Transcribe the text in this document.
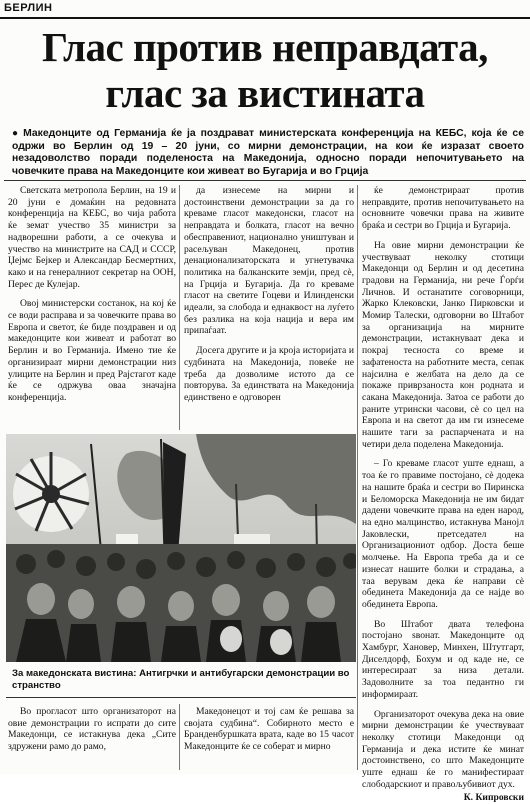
БЕРЛИН
Глас против неправдата,
глас за вистината
● Македонците од Германија ќе ја поздрават министерската конференција на КЕБС, која ќе се одржи во Берлин од 19 – 20 јуни, со мирни демонстрации, на кои ќе изразат своето незадоволство поради поделеноста на Македонија, односно поради непочитувањето на човечките права на Македонците кои живеат во Бугарија и во Грција

Светската метропола Берлин, на 19 и 20 јуни е домаќин на редовната конференција на КЕБС, во чија работа ќе земат учество 35 министри за надворешни работи, а се очекува и учество на министрите на САД и СССР, Џејмс Бејкер и Александар Бесмертних, како и на генералниот секретар на ООН, Перес де Кулеjар.

Овој министерски состанок, на кој ќе се води расправа и за човечките права во Европа и светот, ќе биде поздравен и од македонците кои живеат и работат во Берлин и во Германија. Имено тие ќе организираат мирни демонстрации низ улиците на Берлин и пред Рајстагот каде ќе се одржува оваа значајна конференција.

да изнесеме на мирни и достоинствени демонстрации за да го креваме гласот македонски, гласот на неправдата и болката, гласот на вечно обесправениот, национално уништуван и расељуван Македонец, против денационализаторската и угнетувачка политика на балканските земји, пред сè, на Грција и Бугарија. Да го креваме гласот на светите Гоцеви и Илинденски идеали, за слобода и еднаквост на луѓето без разлика на која нација и вера им припаѓаат.

Досега другите и ја кроја историјата и судбината на Македонија, повеќе не треба да дозволиме истото да се повторува. За единствата на Македонија единствено е одговорен

ќе демонстрираат против неправдите, против непочитувањето на основните човечки права на живите браќа и сестри во Грција и Бугарија.

На овие мирни демонстрации ќе учествуваат неколку стотици Македонци од Берлин и од десетина градови на Германија, ни рече Ѓорѓи Личнов. И останатите соговорници, Жарко Клековски, Јанко Пирковски и Момир Талески, одговорни во Штабот за организација на мирните демонстрации, истакнуваат дека и покрај тесноста со време и зафатеноста на работните места, сепак најсилна е желбата на дело да се покаже приврзаноста кон родната и сакана Македонија. Затоа се работи до раните утрински часови, сè со цел на Европа и на светот да им ги изнесеме нашите таги за распарчената и на четири дела поделена Македонија.

– Го креваме гласот уште еднаш, а тоа ќе го правиме постојано, сè додека на нашите браќа и сестри во Пиринска и Беломорска Македонија не им бидат дадени човечките права на еден народ, на едно малцинство, истакнува Манојл Јаковлески, претседател на Организациониот одбор. Доста беше молчење. На Европа треба да и се изнесат нашите болки и страдања, а таа верувам дека ќе направи сè обединета Македонија да се најде во обединета Европа.

Во Штабот двата телефона постојано ѕвонат. Македонците од Хамбург, Хановер, Минхен, Штутгарт, Диселдорф, Бохум и од каде не, се интересираат за низа детали. Задоволните за тоа педантно ги информираат.

Организаторот очекува дека на овие мирни демонстрации ќе учествуваат неколку стотици Македонци од Германија и дека истите ќе минат достоинствено, со што Македонците уште еднаш ќе го манифестираат слободарскиот и правољубивиот дух.

К. Кипровски
За македонската вистина: Антигрчки и антибугарски демонстрации во странство

Во прогласот што организаторот на овие демонстрации го испрати до сите Македонци, се истакнува дека „Сите здружени рамо до рамо,

Македонецот и тој сам ќе решава за својата судбина“. Собирното место е Бранденбуршката врата, каде во 15 часот Македонците ќе се соберат и мирно
